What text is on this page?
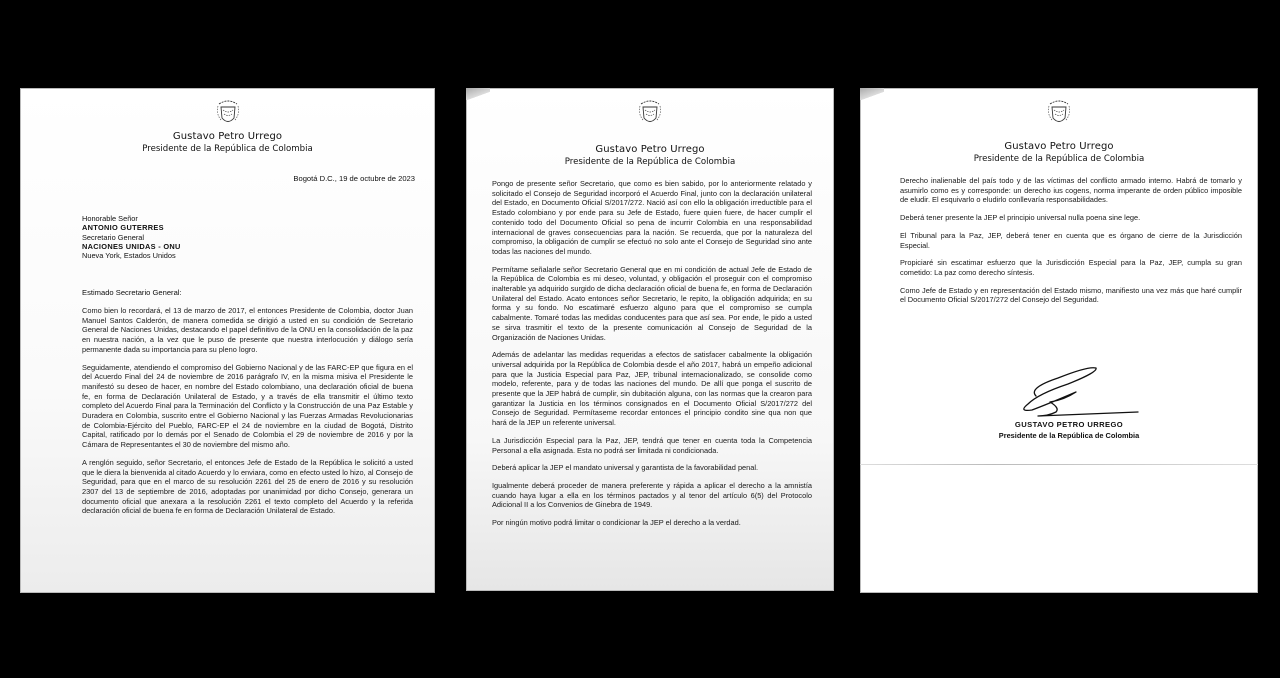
Gustavo Petro Urrego
Presidente de la República de Colombia
Bogotá D.C., 19 de octubre de 2023
Honorable Señor
ANTONIO GUTERRES
Secretario General
NACIONES UNIDAS - ONU
Nueva York, Estados Unidos
Estimado Secretario General:

Como bien lo recordará, el 13 de marzo de 2017, el entonces Presidente de Colombia, doctor Juan Manuel Santos Calderón, de manera comedida se dirigió a usted en su condición de Secretario General de Naciones Unidas, destacando el papel definitivo de la ONU en la consolidación de la paz en nuestra nación, a la vez que le puso de presente que nuestra interlocución y diálogo sería permanente dada su importancia para su pleno logro.

Seguidamente, atendiendo el compromiso del Gobierno Nacional y de las FARC-EP que figura en el del Acuerdo Final del 24 de noviembre de 2016 parágrafo IV, en la misma misiva el Presidente le manifestó su deseo de hacer, en nombre del Estado colombiano, una declaración oficial de buena fe, en forma de Declaración Unilateral de Estado, y a través de ella transmitir el último texto completo del Acuerdo Final para la Terminación del Conflicto y la Construcción de una Paz Estable y Duradera en Colombia, suscrito entre el Gobierno Nacional y las Fuerzas Armadas Revolucionarias de Colombia-Ejército del Pueblo, FARC-EP el 24 de noviembre en la ciudad de Bogotá, Distrito Capital, ratificado por lo demás por el Senado de Colombia el 29 de noviembre de 2016 y por la Cámara de Representantes el 30 de noviembre del mismo año.

A renglón seguido, señor Secretario, el entonces Jefe de Estado de la República le solicitó a usted que le diera la bienvenida al citado Acuerdo y lo enviara, como en efecto usted lo hizo, al Consejo de Seguridad, para que en el marco de su resolución 2261 del 25 de enero de 2016 y su resolución 2307 del 13 de septiembre de 2016, adoptadas por unanimidad por dicho Consejo, generara un documento oficial que anexara a la resolución 2261 el texto completo del Acuerdo y la referida declaración oficial de buena fe en forma de Declaración Unilateral de Estado.

Gustavo Petro Urrego
Presidente de la República de Colombia

Pongo de presente señor Secretario, que como es bien sabido, por lo anteriormente relatado y solicitado el Consejo de Seguridad incorporó el Acuerdo Final, junto con la declaración unilateral del Estado, en Documento Oficial S/2017/272. Nació así con ello la obligación irreductible para el Estado colombiano y por ende para su Jefe de Estado, fuere quien fuere, de hacer cumplir el contenido todo del Documento Oficial so pena de incurrir Colombia en una responsabilidad internacional de graves consecuencias para la nación. Se recuerda, que por la naturaleza del compromiso, la obligación de cumplir se efectuó no solo ante el Consejo de Seguridad sino ante todas las naciones del mundo.

Permítame señalarle señor Secretario General que en mi condición de actual Jefe de Estado de la República de Colombia es mi deseo, voluntad, y obligación el proseguir con el compromiso inalterable ya adquirido surgido de dicha declaración oficial de buena fe, en forma de Declaración Unilateral del Estado. Acato entonces señor Secretario, le repito, la obligación adquirida; en su forma y su fondo. No escatimaré esfuerzo alguno para que el compromiso se cumpla cabalmente. Tomaré todas las medidas conducentes para que así sea. Por ende, le pido a usted se sirva trasmitir el texto de la presente comunicación al Consejo de Seguridad de la Organización de Naciones Unidas.

Además de adelantar las medidas requeridas a efectos de satisfacer cabalmente la obligación universal adquirida por la República de Colombia desde el año 2017, habrá un empeño adicional para que la Justicia Especial para Paz, JEP, tribunal internacionalizado, se consolide como modelo, referente, para y de todas las naciones del mundo. De allí que ponga el suscrito de presente que la JEP habrá de cumplir, sin dubitación alguna, con las normas que la crearon para garantizar la Justicia en los términos consignados en el Documento Oficial S/2017/272 del Consejo de Seguridad. Permítaseme recordar entonces el principio condito sine qua non que hará de la JEP un referente universal.

La Jurisdicción Especial para la Paz, JEP, tendrá que tener en cuenta toda la Competencia Personal a ella asignada. Esta no podrá ser limitada ni condicionada.

Deberá aplicar la JEP el mandato universal y garantista de la favorabilidad penal.

Igualmente deberá proceder de manera preferente y rápida a aplicar el derecho a la amnistía cuando haya lugar a ella en los términos pactados y al tenor del artículo 6(5) del Protocolo Adicional II a los Convenios de Ginebra de 1949.

Por ningún motivo podrá limitar o condicionar la JEP el derecho a la verdad.

Gustavo Petro Urrego
Presidente de la República de Colombia

Derecho inalienable del país todo y de las víctimas del conflicto armado interno. Habrá de tomarlo y asumirlo como es y corresponde: un derecho ius cogens, norma imperante de orden público imposible de eludir. El esquivarlo o eludirlo conllevaría responsabilidades.

Deberá tener presente la JEP el principio universal nulla poena sine lege.

El Tribunal para la Paz, JEP, deberá tener en cuenta que es órgano de cierre de la Jurisdicción Especial.

Propiciaré sin escatimar esfuerzo que la Jurisdicción Especial para la Paz, JEP, cumpla su gran cometido: La paz como derecho síntesis.

Como Jefe de Estado y en representación del Estado mismo, manifiesto una vez más que haré cumplir el Documento Oficial S/2017/272 del Consejo del Seguridad.

GUSTAVO PETRO URREGO
Presidente de la República de Colombia
